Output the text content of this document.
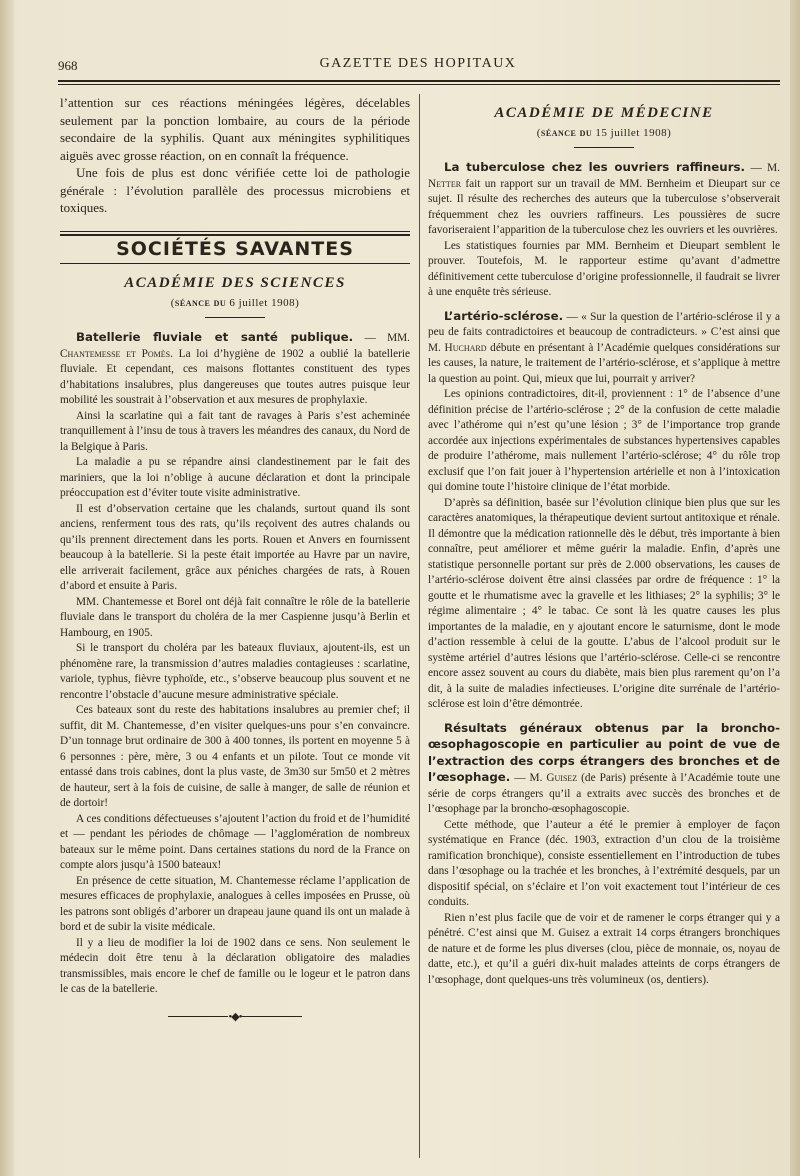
968	GAZETTE DES HOPITAUX

l’attention sur ces réactions méningées légères, décelables seulement par la ponction lombaire, au cours de la période secondaire de la syphilis. Quant aux méningites syphilitiques aiguës avec grosse réaction, on en connaît la fréquence.

Une fois de plus est donc vérifiée cette loi de pathologie générale : l’évolution parallèle des processus microbiens et toxiques.

SOCIÉTÉS SAVANTES
ACADÉMIE DES SCIENCES
(séance du 6 juillet 1908)

Batellerie fluviale et santé publique. — MM. Chantemesse et Pomès. La loi d’hygiène de 1902 a oublié la batellerie fluviale. Et cependant, ces maisons flottantes constituent des types d’habitations insalubres, plus dangereuses que toutes autres puisque leur mobilité les soustrait à l’observation et aux mesures de prophylaxie.

Ainsi la scarlatine qui a fait tant de ravages à Paris s’est acheminée tranquillement à l’insu de tous à travers les méandres des canaux, du Nord de la Belgique à Paris.

La maladie a pu se répandre ainsi clandestinement par le fait des mariniers, que la loi n’oblige à aucune déclaration et dont la principale préoccupation est d’éviter toute visite administrative.

Il est d’observation certaine que les chalands, surtout quand ils sont anciens, renferment tous des rats, qu’ils reçoivent des autres chalands ou qu’ils prennent directement dans les ports. Rouen et Anvers en fournissent beaucoup à la batellerie. Si la peste était importée au Havre par un navire, elle arriverait facilement, grâce aux péniches chargées de rats, à Rouen d’abord et ensuite à Paris.

MM. Chantemesse et Borel ont déjà fait connaître le rôle de la batellerie fluviale dans le transport du choléra de la mer Caspienne jusqu’à Berlin et Hambourg, en 1905.

Si le transport du choléra par les bateaux fluviaux, ajoutent-ils, est un phénomène rare, la transmission d’autres maladies contagieuses : scarlatine, variole, typhus, fièvre typhoïde, etc., s’observe beaucoup plus souvent et ne rencontre l’obstacle d’aucune mesure administrative spéciale.

Ces bateaux sont du reste des habitations insalubres au premier chef; il suffit, dit M. Chantemesse, d’en visiter quelques-uns pour s’en convaincre. D’un tonnage brut ordinaire de 300 à 400 tonnes, ils portent en moyenne 5 à 6 personnes : père, mère, 3 ou 4 enfants et un pilote. Tout ce monde vit entassé dans trois cabines, dont la plus vaste, de 3m30 sur 5m50 et 2 mètres de hauteur, sert à la fois de cuisine, de salle à manger, de salle de réunion et de dortoir!

A ces conditions défectueuses s’ajoutent l’action du froid et de l’humidité et — pendant les périodes de chômage — l’agglomération de nombreux bateaux sur le même point. Dans certaines stations du nord de la France on compte alors jusqu’à 1500 bateaux!

En présence de cette situation, M. Chantemesse réclame l’application de mesures efficaces de prophylaxie, analogues à celles imposées en Prusse, où les patrons sont obligés d’arborer un drapeau jaune quand ils ont un malade à bord et de subir la visite médicale.

Il y a lieu de modifier la loi de 1902 dans ce sens. Non seulement le médecin doit être tenu à la déclaration obligatoire des maladies transmissibles, mais encore le chef de famille ou le logeur et le patron dans le cas de la batellerie.

•◆•
ACADÉMIE DE MÉDECINE
(séance du 15 juillet 1908)

La tuberculose chez les ouvriers raffineurs. — M. Netter fait un rapport sur un travail de MM. Bernheim et Dieupart sur ce sujet. Il résulte des recherches des auteurs que la tuberculose s’observerait fréquemment chez les ouvriers raffineurs. Les poussières de sucre favoriseraient l’apparition de la tuberculose chez les ouvriers et les ouvrières.

Les statistiques fournies par MM. Bernheim et Dieupart semblent le prouver. Toutefois, M. le rapporteur estime qu’avant d’admettre définitivement cette tuberculose d’origine professionnelle, il faudrait se livrer à une enquête très sérieuse.

L’artério-sclérose. — « Sur la question de l’artério-sclérose il y a peu de faits contradictoires et beaucoup de contradicteurs. » C’est ainsi que M. Huchard débute en présentant à l’Académie quelques considérations sur les causes, la nature, le traitement de l’artério-sclérose, et s’applique à mettre la question au point. Qui, mieux que lui, pourrait y arriver?

Les opinions contradictoires, dit-il, proviennent : 1° de l’absence d’une définition précise de l’artério-sclérose ; 2° de la confusion de cette maladie avec l’athérome qui n’est qu’une lésion ; 3° de l’importance trop grande accordée aux injections expérimentales de substances hypertensives capables de produire l’athérome, mais nullement l’artério-sclérose; 4° du rôle trop exclusif que l’on fait jouer à l’hypertension artérielle et non à l’intoxication qui domine toute l’histoire clinique de l’état morbide.

D’après sa définition, basée sur l’évolution clinique bien plus que sur les caractères anatomiques, la thérapeutique devient surtout antitoxique et rénale. Il démontre que la médication rationnelle dès le début, très importante à bien connaître, peut améliorer et même guérir la maladie. Enfin, d’après une statistique personnelle portant sur près de 2.000 observations, les causes de l’artério-sclérose doivent être ainsi classées par ordre de fréquence : 1° la goutte et le rhumatisme avec la gravelle et les lithiases; 2° la syphilis; 3° le régime alimentaire ; 4° le tabac. Ce sont là les quatre causes les plus importantes de la maladie, en y ajoutant encore le saturnisme, dont le mode d’action ressemble à celui de la goutte. L’abus de l’alcool produit sur le système artériel d’autres lésions que l’artério-sclérose. Celle-ci se rencontre encore assez souvent au cours du diabète, mais bien plus rarement qu’on l’a dit, à la suite de maladies infectieuses. L’origine dite surrénale de l’artério-sclérose est loin d’être démontrée.

Résultats généraux obtenus par la broncho-œsophagoscopie en particulier au point de vue de l’extraction des corps étrangers des bronches et de l’œsophage. — M. Guisez (de Paris) présente à l’Académie toute une série de corps étrangers qu’il a extraits avec succès des bronches et de l’œsophage par la broncho-œsophagoscopie.

Cette méthode, que l’auteur a été le premier à employer de façon systématique en France (déc. 1903, extraction d’un clou de la troisième ramification bronchique), consiste essentiellement en l’introduction de tubes dans l’œsophage ou la trachée et les bronches, à l’extrémité desquels, par un dispositif spécial, on s’éclaire et l’on voit exactement tout l’intérieur de ces conduits.

Rien n’est plus facile que de voir et de ramener le corps étranger qui y a pénétré. C’est ainsi que M. Guisez a extrait 14 corps étrangers bronchiques de nature et de forme les plus diverses (clou, pièce de monnaie, os, noyau de datte, etc.), et qu’il a guéri dix-huit malades atteints de corps étrangers de l’œsophage, dont quelques-uns très volumineux (os, dentiers).
